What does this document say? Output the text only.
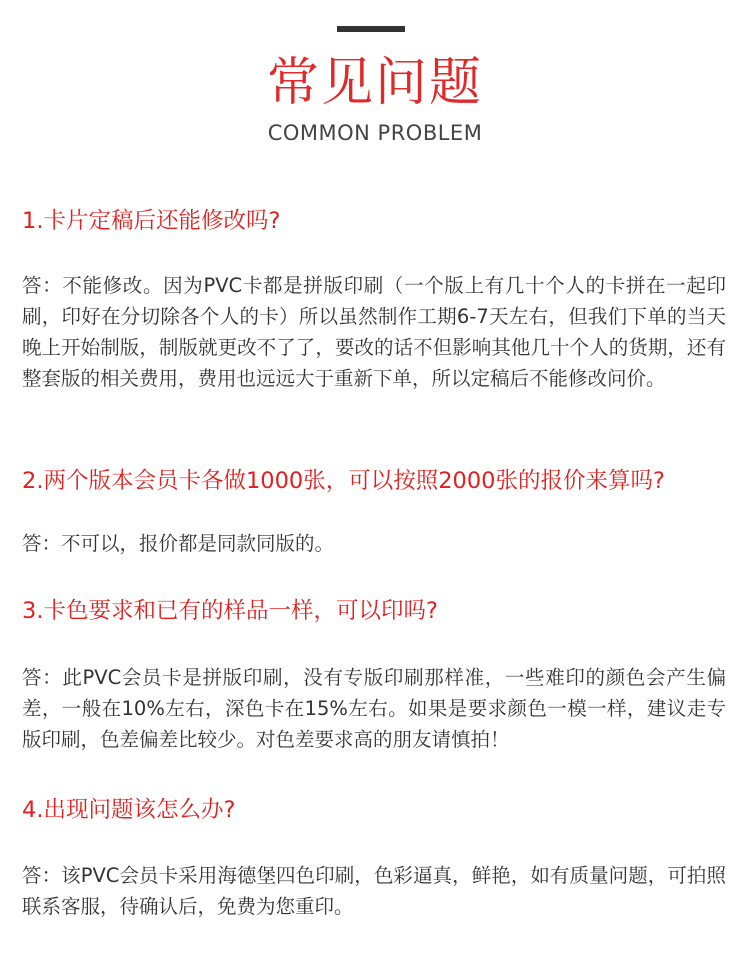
常见问题
COMMON PROBLEM
1.卡片定稿后还能修改吗?
答：不能修改。因为PVC卡都是拼版印刷（一个版上有几十个人的卡拼在一起印刷，印好在分切除各个人的卡）所以虽然制作工期6-7天左右，但我们下单的当天晚上开始制版，制版就更改不了了，要改的话不但影响其他几十个人的货期，还有整套版的相关费用，费用也远远大于重新下单，所以定稿后不能修改问价。
2.两个版本会员卡各做1000张，可以按照2000张的报价来算吗?
答：不可以，报价都是同款同版的。
3.卡色要求和已有的样品一样，可以印吗?
答：此PVC会员卡是拼版印刷，没有专版印刷那样准，一些难印的颜色会产生偏差，一般在10%左右，深色卡在15%左右。如果是要求颜色一模一样，建议走专版印刷，色差偏差比较少。对色差要求高的朋友请慎拍！
4.出现问题该怎么办?
答：该PVC会员卡采用海德堡四色印刷，色彩逼真，鲜艳，如有质量问题，可拍照联系客服，待确认后，免费为您重印。
